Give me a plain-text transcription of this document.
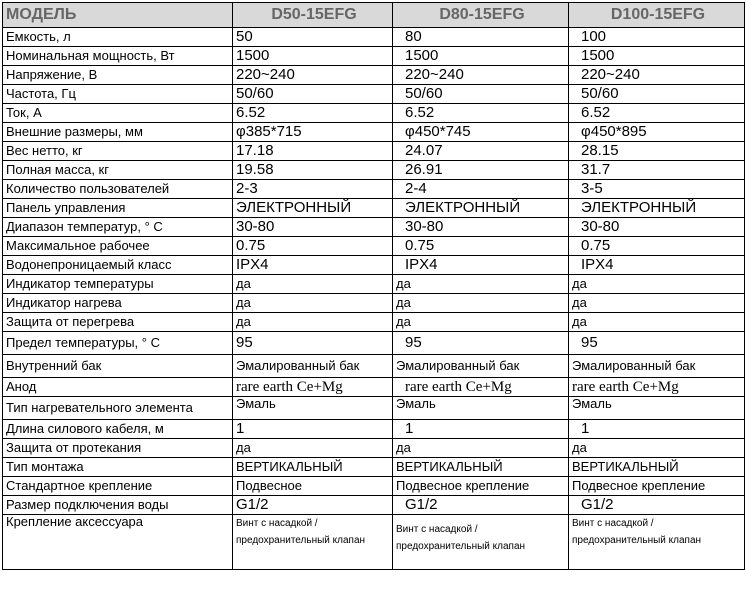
МОДЕЛЬ	D50-15EFG	D80-15EFG	D100-15EFG
Емкость, л	50	80	100
Номинальная мощность, Вт	1500	1500	1500
Напряжение, В	220~240	220~240	220~240
Частота, Гц	50/60	50/60	50/60
Ток, А	6.52	6.52	6.52
Внешние размеры, мм	φ385*715	φ450*745	φ450*895
Вес нетто, кг	17.18	24.07	28.15
Полная масса, кг	19.58	26.91	31.7
Количество пользователей	2-3	2-4	3-5
Панель управления	ЭЛЕКТРОННЫЙ	ЭЛЕКТРОННЫЙ	ЭЛЕКТРОННЫЙ
Диапазон температур, ° С	30-80	30-80	30-80
Максимальное рабочее	0.75	0.75	0.75
Водонепроницаемый класс	IPX4	IPX4	IPX4
Индикатор температуры	да	да	да
Индикатор нагрева	да	да	да
Защита от перегрева	да	да	да
Предел температуры, ° С	95	95	95
Внутренний бак	Эмалированный бак	Эмалированный бак	Эмалированный бак
Анод	rare earth Ce+Mg	rare earth Ce+Mg	rare earth Ce+Mg
Тип нагревательного элемента	Эмаль	Эмаль	Эмаль
Длина силового кабеля, м	1	1	1
Защита от протекания	да	да	да
Тип монтажа	ВЕРТИКАЛЬНЫЙ	ВЕРТИКАЛЬНЫЙ	ВЕРТИКАЛЬНЫЙ
Стандартное крепление	Подвесное	Подвесное крепление	Подвесное крепление
Размер подключения воды	G1/2	G1/2	G1/2
Крепление аксессуара	Винт с насадкой /предохранительный клапан	Винт с насадкой /предохранительный клапан	Винт с насадкой /предохранительный клапан
